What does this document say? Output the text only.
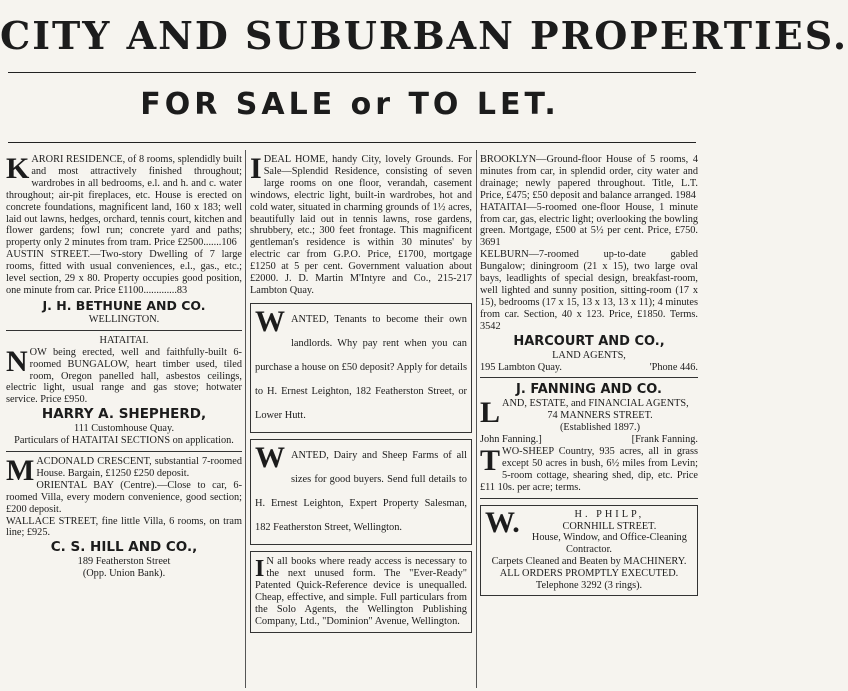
CITY AND SUBURBAN PROPERTIES.
FOR SALE or TO LET.
K ARORI RESIDENCE, of 8 rooms, splendidly built and most attractively finished throughout; wardrobes in all bedrooms, e.l. and h. and c. water throughout; air-pit fireplaces, etc. House is erected on concrete foundations, magnificent land, 160 x 183; well laid out lawns, hedges, orchard, tennis court, kitchen and flower gardens; fowl run; concrete yard and paths; property only 2 minutes from tram. Price £2500.......106

AUSTIN STREET.—Two-story Dwelling of 7 large rooms, fitted with usual conveniences, e.l., gas., etc.; level section, 29 x 80. Property occupies good position, one minute from car. Price £1100.............83

J. H. BETHUNE AND CO.

WELLINGTON.

HATAITAI.

N OW being erected, well and faithfully-built 6-roomed BUNGALOW, heart timber used, tiled room, Oregon panelled hall, asbestos ceilings, electric light, usual range and gas stove; hotwater service. Price £950.
HARRY A. SHEPHERD,

111 Customhouse Quay.

Particulars of HATAITAI SECTIONS on application.

M ACDONALD CRESCENT, substantial 7-roomed House. Bargain, £1250 £250 deposit.

ORIENTAL BAY (Centre).—Close to car, 6-roomed Villa, every modern convenience, good section; £200 deposit.

WALLACE STREET, fine little Villa, 6 rooms, on tram line; £925.

C. S. HILL AND CO.,

189 Featherston Street

(Opp. Union Bank).

I DEAL HOME, handy City, lovely Grounds. For Sale—Splendid Residence, consisting of seven large rooms on one floor, verandah, casement windows, electric light, built-in wardrobes, hot and cold water, situated in charming grounds of 1½ acres, beautifully laid out in tennis lawns, rose gardens, shrubbery, etc.; 300 feet frontage. This magnificent gentleman's residence is within 30 minutes' by electric car from G.P.O. Price, £1700, mortgage £1250 at 5 per cent. Government valuation about £2000. J. D. Martin M'Intyre and Co., 215-217 Lambton Quay.
W ANTED, Tenants to become their own landlords. Why pay rent when you can purchase a house on £50 deposit? Apply for details to H. Ernest Leighton, 182 Featherston Street, or Lower Hutt.
W ANTED, Dairy and Sheep Farms of all sizes for good buyers. Send full details to H. Ernest Leighton, Expert Property Salesman, 182 Featherston Street, Wellington.
I N all books where ready access is necessary to the next unused form. The "Ever-Ready" Patented Quick-Reference device is unequalled. Cheap, effective, and simple. Full particulars from the Solo Agents, the Wellington Publishing Company, Ltd., "Dominion" Avenue, Wellington.

BROOKLYN—Ground-floor House of 5 rooms, 4 minutes from car, in splendid order, city water and drainage; newly papered throughout. Title, L.T. Price, £475; £50 deposit and balance arranged. 1984

HATAITAI—5-roomed one-floor House, 1 minute from car, gas, electric light; overlooking the bowling green. Mortgage, £500 at 5½ per cent. Price, £750. 3691

KELBURN—7-roomed up-to-date gabled Bungalow; diningroom (21 x 15), two large oval bays, leadlights of special design, breakfast-room, well lighted and sunny position, sitting-room (17 x 15), bedrooms (17 x 15, 13 x 13, 13 x 11); 4 minutes from car. Section, 40 x 123. Price, £1850. Terms. 3542

HARCOURT AND CO.,

LAND AGENTS,

195 Lambton Quay.	'Phone 446.
J. FANNING AND CO.
L AND, ESTATE, and FINANCIAL AGENTS,

74 MANNERS STREET.

(Established 1897.)

John Fanning.]	[Frank Fanning.
T WO-SHEEP Country, 935 acres, all in grass except 50 acres in bush, 6½ miles from Levin; 5-room cottage, shearing shed, dip, etc. Price £11 10s. per acre; terms.
W.	H. PHILP,
CORNHILL STREET.

House, Window, and Office-Cleaning Contractor.

Carpets Cleaned and Beaten by MACHINERY.

ALL ORDERS PROMPTLY EXECUTED.

Telephone 3292 (3 rings).
